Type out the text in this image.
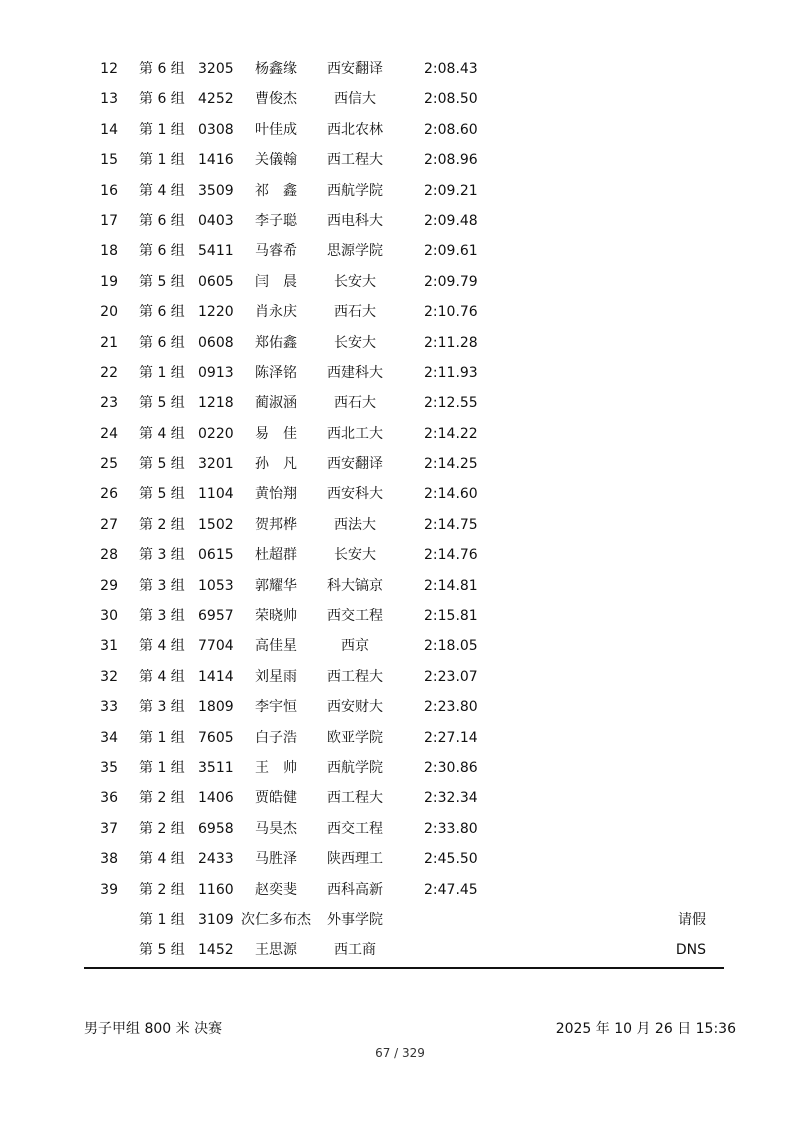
12 第 6 组 3205	杨鑫缘	西安翻译	2:08.43
13 第 6 组 4252	曹俊杰	西信大	2:08.50
14 第 1 组 0308	叶佳成	西北农林	2:08.60
15 第 1 组 1416	关儀翰	西工程大	2:08.96
16 第 4 组 3509	祁　鑫	西航学院	2:09.21
17 第 6 组 0403	李子聪	西电科大	2:09.48
18 第 6 组 5411	马睿希	思源学院	2:09.61
19 第 5 组 0605	闫　晨	长安大	2:09.79
20 第 6 组 1220	肖永庆	西石大	2:10.76
21 第 6 组 0608	郑佑鑫	长安大	2:11.28
22 第 1 组 0913	陈泽铭	西建科大	2:11.93
23 第 5 组 1218	蔺淑涵	西石大	2:12.55
24 第 4 组 0220	易　佳	西北工大	2:14.22
25 第 5 组 3201	孙　凡	西安翻译	2:14.25
26 第 5 组 1104	黄怡翔	西安科大	2:14.60
27 第 2 组 1502	贺邦桦	西法大	2:14.75
28 第 3 组 0615	杜超群	长安大	2:14.76
29 第 3 组 1053	郭耀华	科大镐京	2:14.81
30 第 3 组 6957	荣晓帅	西交工程	2:15.81
31 第 4 组 7704	高佳星	西京	2:18.05
32 第 4 组 1414	刘星雨	西工程大	2:23.07
33 第 3 组 1809	李宇恒	西安财大	2:23.80
34 第 1 组 7605	白子浩	欧亚学院	2:27.14
35 第 1 组 3511	王　帅	西航学院	2:30.86
36 第 2 组 1406	贾皓健	西工程大	2:32.34
37 第 2 组 6958	马昊杰	西交工程	2:33.80
38 第 4 组 2433	马胜泽	陕西理工	2:45.50
39 第 2 组 1160	赵奕斐	西科高新	2:47.45
第 1 组 3109 次仁多布杰	外事学院	请假
第 5 组 1452	王思源	西工商	DNS
男子甲组 800 米 决赛	2025 年 10 月 26 日 15:36
67 / 329
